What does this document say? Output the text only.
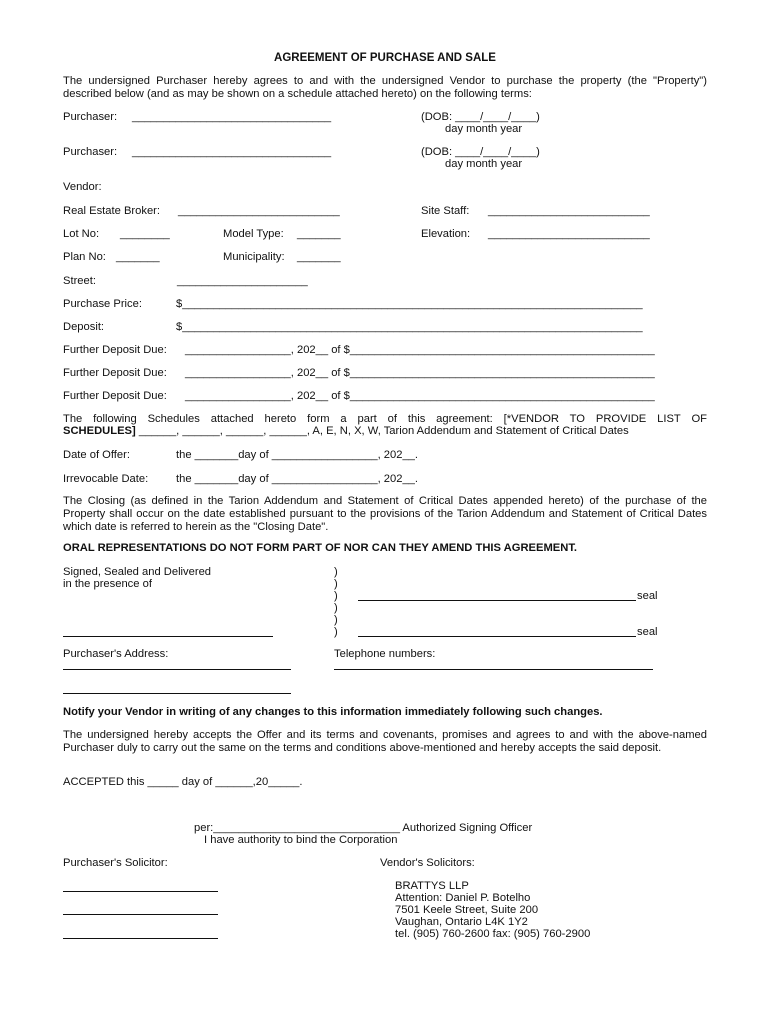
AGREEMENT OF PURCHASE AND SALE
The undersigned Purchaser hereby agrees to and with the undersigned Vendor to purchase the property (the "Property") described below (and as may be shown on a schedule attached hereto) on the following terms:
Purchaser: ________________________________	(DOB: ____/____/____)
day month year
Purchaser: ________________________________	(DOB: ____/____/____)
day month year
Vendor:
Real Estate Broker: __________________________	Site Staff: __________________________
Lot No: ________	Model Type: _______	Elevation: __________________________
Plan No: _______	Municipality: _______
Street:	_____________________
Purchase Price:	$__________________________________________________________________________
Deposit:	$__________________________________________________________________________
Further Deposit Due: _________________, 202__ of $_________________________________________________
Further Deposit Due: _________________, 202__ of $_________________________________________________
Further Deposit Due: _________________, 202__ of $_________________________________________________
The following Schedules attached hereto form a part of this agreement: [*VENDOR TO PROVIDE LIST OF
SCHEDULES] ______, ______, ______, ______, A, E, N, X, W, Tarion Addendum and Statement of Critical Dates
Date of Offer:	the _______day of _________________, 202__.
Irrevocable Date: the _______day of _________________, 202__.
The Closing (as defined in the Tarion Addendum and Statement of Critical Dates appended hereto) of the purchase of the Property shall occur on the date established pursuant to the provisions of the Tarion Addendum and Statement of Critical Dates which date is referred to herein as the "Closing Date".
ORAL REPRESENTATIONS DO NOT FORM PART OF NOR CAN THEY AMEND THIS AGREEMENT.
Signed, Sealed and Delivered
in the presence of
)
)
)
)
)
)
seal
seal
Purchaser's Address:	Telephone numbers:
Notify your Vendor in writing of any changes to this information immediately following such changes.
The undersigned hereby accepts the Offer and its terms and covenants, promises and agrees to and with the above-named Purchaser duly to carry out the same on the terms and conditions above-mentioned and hereby accepts the said deposit.
ACCEPTED this _____ day of ______,20_____.
per:______________________________ Authorized Signing Officer
I have authority to bind the Corporation
Purchaser's Solicitor:	Vendor's Solicitors:
BRATTYS LLP
Attention: Daniel P. Botelho
7501 Keele Street, Suite 200
Vaughan, Ontario L4K 1Y2
tel. (905) 760-2600 fax: (905) 760-2900
